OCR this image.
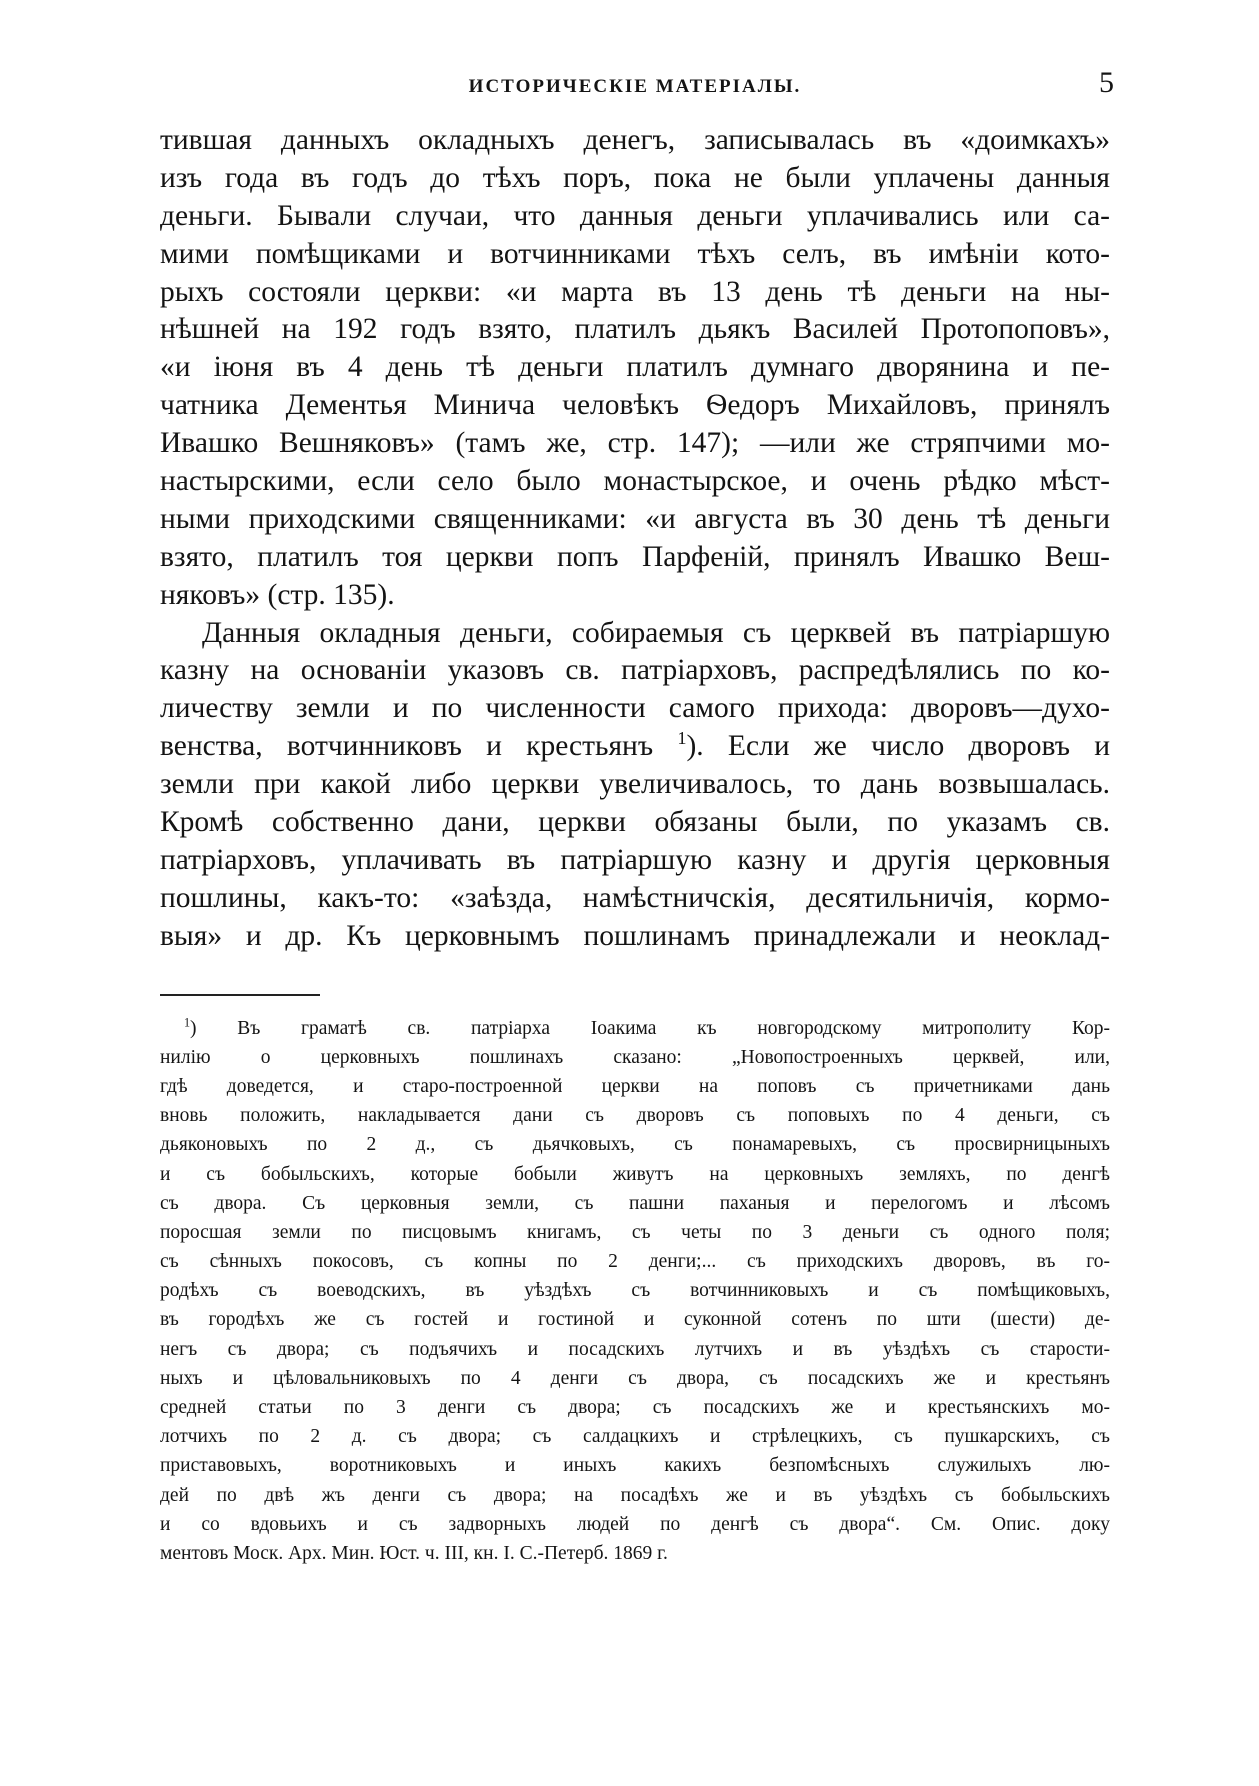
ИСТОРИЧЕСКІЕ МАТЕРІАЛЫ.	5
тившая данныхъ окладныхъ денегъ, записывалась въ «доимкахъ»
изъ года въ годъ до тѣхъ поръ, пока не были уплачены данныя
деньги. Бывали случаи, что данныя деньги уплачивались или са-
мими помѣщиками и вотчинниками тѣхъ селъ, въ имѣніи кото-
рыхъ состояли церкви: «и марта въ 13 день тѣ деньги на ны-
нѣшней на 192 годъ взято, платилъ дьякъ Василей Протопоповъ»,
«и іюня въ 4 день тѣ деньги платилъ думнаго дворянина и пе-
чатника Дементья Минича человѣкъ Ѳедоръ Михайловъ, принялъ
Ивашко Вешняковъ» (тамъ же, стр. 147); —или же стряпчими мо-
настырскими, если село было монастырское, и очень рѣдко мѣст-
ными приходскими священниками: «и августа въ 30 день тѣ деньги
взято, платилъ тоя церкви попъ Парфеній, принялъ Ивашко Веш-
няковъ» (стр. 135).
Данныя окладныя деньги, собираемыя съ церквей въ патріаршую
казну на основаніи указовъ св. патріарховъ, распредѣлялись по ко-
личеству земли и по численности самого прихода: дворовъ—духо-
венства, вотчинниковъ и крестьянъ $^1$). Если же число дворовъ и
земли при какой либо церкви увеличивалось, то дань возвышалась.
Кромѣ собственно дани, церкви обязаны были, по указамъ св.
патріарховъ, уплачивать въ патріаршую казну и другія церковныя
пошлины, какъ-то: «заѣзда, намѣстничскія, десятильничія, кормо-
выя» и др. Къ церковнымъ пошлинамъ принадлежали и неоклад-
$^1$) Въ граматѣ св. патріарха Іоакима къ новгородскому митрополиту Кор-
нилію о церковныхъ пошлинахъ сказано: „Новопостроенныхъ церквей, или,
гдѣ доведется, и старо-построенной церкви на поповъ съ причетниками дань
вновь положить, накладывается дани съ дворовъ съ поповыхъ по 4 деньги, съ
дьяконовыхъ по 2 д., съ дьячковыхъ, съ понамаревыхъ, съ просвирницыныхъ
и съ бобыльскихъ, которые бобыли живутъ на церковныхъ земляхъ, по денгѣ
съ двора. Съ церковныя земли, съ пашни паханыя и перелогомъ и лѣсомъ
поросшая земли по писцовымъ книгамъ, съ четы по 3 деньги съ одного поля;
съ сѣнныхъ покосовъ, съ копны по 2 денги;... съ приходскихъ дворовъ, въ го-
родѣхъ съ воеводскихъ, въ уѣздѣхъ съ вотчинниковыхъ и съ помѣщиковыхъ,
въ городѣхъ же съ гостей и гостиной и суконной сотенъ по шти (шести) де-
негъ съ двора; съ подъячихъ и посадскихъ лутчихъ и въ уѣздѣхъ съ старости-
ныхъ и цѣловальниковыхъ по 4 денги съ двора, съ посадскихъ же и крестьянъ
средней статьи по 3 денги съ двора; съ посадскихъ же и крестьянскихъ мо-
лотчихъ по 2 д. съ двора; съ салдацкихъ и стрѣлецкихъ, съ пушкарскихъ, съ
приставовыхъ, воротниковыхъ и иныхъ какихъ безпомѣсныхъ служилыхъ лю-
дей по двѣ жъ денги съ двора; на посадѣхъ же и въ уѣздѣхъ съ бобыльскихъ
и со вдовьихъ и съ задворныхъ людей по денгѣ съ двора“. См. Опис. доку
ментовъ Моск. Арх. Мин. Юст. ч. III, кн. I. С.-Петерб. 1869 г.
